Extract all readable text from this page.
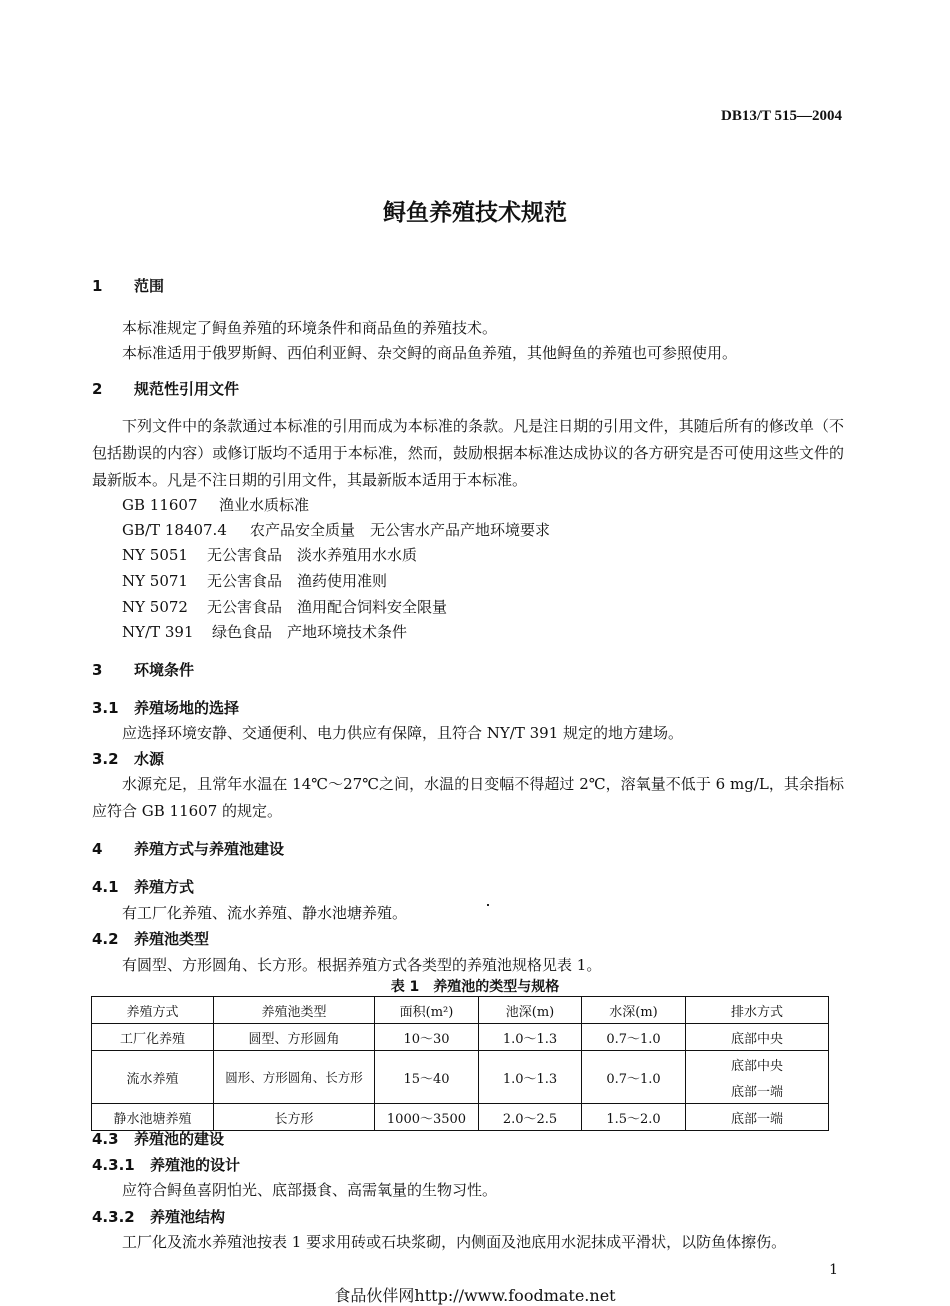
DB13/T 515—2004
鲟鱼养殖技术规范
1 范围
本标准规定了鲟鱼养殖的环境条件和商品鱼的养殖技术。
本标准适用于俄罗斯鲟、西伯利亚鲟、杂交鲟的商品鱼养殖，其他鲟鱼的养殖也可参照使用。
2 规范性引用文件
下列文件中的条款通过本标准的引用而成为本标准的条款。凡是注日期的引用文件，其随后所有的修改单（不包括勘误的内容）或修订版均不适用于本标准，然而，鼓励根据本标准达成协议的各方研究是否可使用这些文件的最新版本。凡是不注日期的引用文件，其最新版本适用于本标准。
GB 11607 渔业水质标准
GB/T 18407.4 农产品安全质量　无公害水产品产地环境要求
NY 5051 无公害食品　淡水养殖用水水质
NY 5071 无公害食品　渔药使用准则
NY 5072 无公害食品　渔用配合饲料安全限量
NY/T 391 绿色食品　产地环境技术条件
3 环境条件
3.1 养殖场地的选择
应选择环境安静、交通便利、电力供应有保障，且符合 NY/T 391 规定的地方建场。
3.2 水源
水源充足，且常年水温在 14℃～27℃之间，水温的日变幅不得超过 2℃，溶氧量不低于 6 mg/L，其余指标应符合 GB 11607 的规定。
4 养殖方式与养殖池建设
4.1 养殖方式
有工厂化养殖、流水养殖、静水池塘养殖。
4.2 养殖池类型
有圆型、方形圆角、长方形。根据养殖方式各类型的养殖池规格见表 1。
表 1　养殖池的类型与规格
养殖方式	养殖池类型	面积(m²)	池深(m)	水深(m)	排水方式
工厂化养殖	圆型、方形圆角	10～30	1.0～1.3	0.7～1.0	底部中央
流水养殖	圆形、方形圆角、长方形	15～40	1.0～1.3	0.7～1.0	底部中央
					底部一端
静水池塘养殖	长方形	1000～3500	2.0～2.5	1.5～2.0	底部一端
4.3 养殖池的建设
4.3.1 养殖池的设计
应符合鲟鱼喜阴怕光、底部摄食、高需氧量的生物习性。
4.3.2 养殖池结构
工厂化及流水养殖池按表 1 要求用砖或石块浆砌，内侧面及池底用水泥抹成平滑状，以防鱼体擦伤。
1
食品伙伴网http://www.foodmate.net
